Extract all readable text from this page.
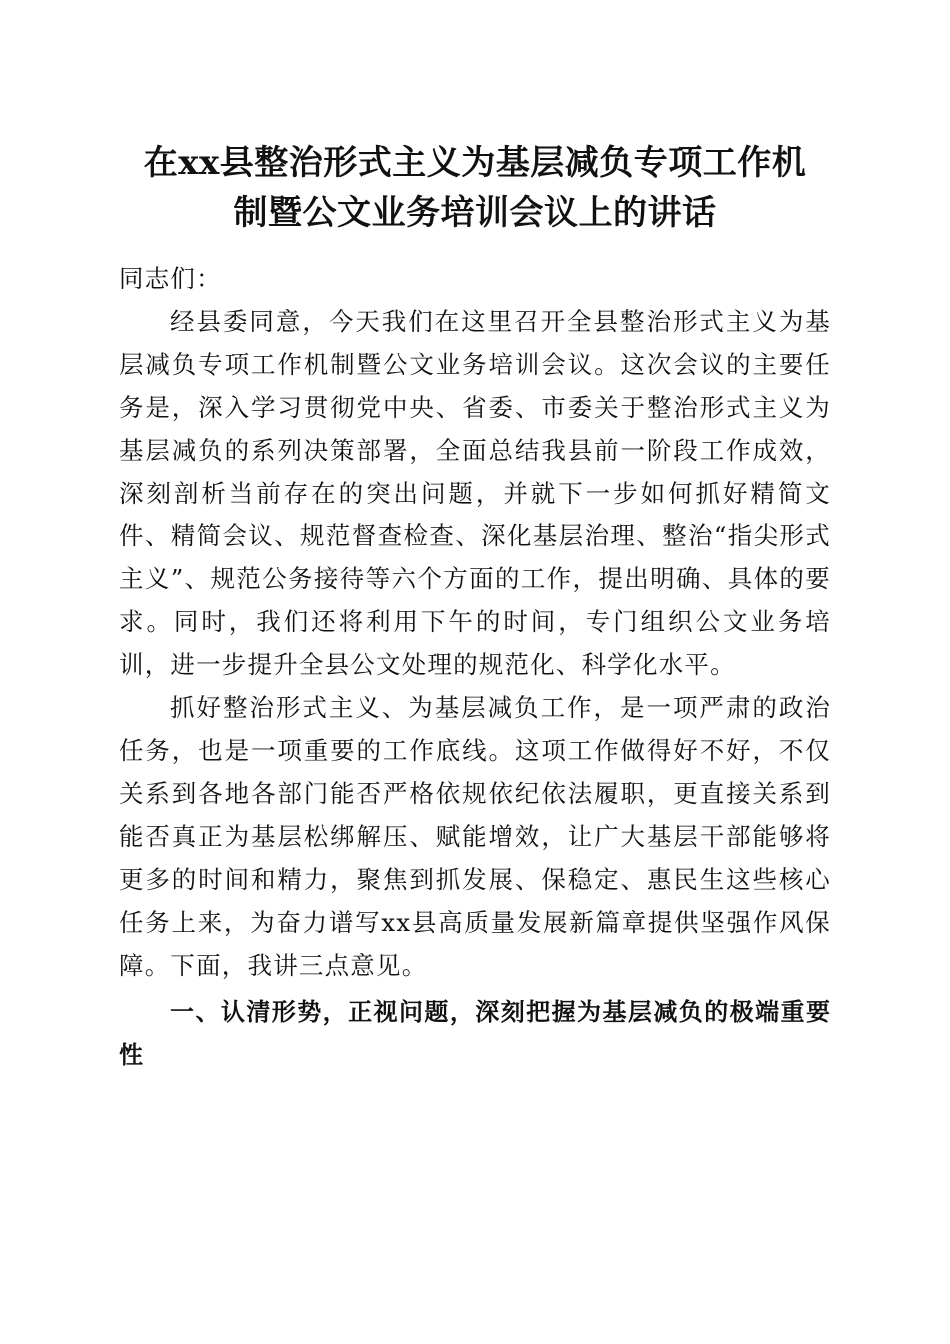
在xx县整治形式主义为基层减负专项工作机
制暨公文业务培训会议上的讲话

同志们：

经县委同意，今天我们在这里召开全县整治形式主义为基层减负专项工作机制暨公文业务培训会议。这次会议的主要任务是，深入学习贯彻党中央、省委、市委关于整治形式主义为基层减负的系列决策部署，全面总结我县前一阶段工作成效，深刻剖析当前存在的突出问题，并就下一步如何抓好精简文件、精简会议、规范督查检查、深化基层治理、整治“指尖形式主义”、规范公务接待等六个方面的工作，提出明确、具体的要求。同时，我们还将利用下午的时间，专门组织公文业务培训，进一步提升全县公文处理的规范化、科学化水平。

抓好整治形式主义、为基层减负工作，是一项严肃的政治任务，也是一项重要的工作底线。这项工作做得好不好，不仅关系到各地各部门能否严格依规依纪依法履职，更直接关系到能否真正为基层松绑解压、赋能增效，让广大基层干部能够将更多的时间和精力，聚焦到抓发展、保稳定、惠民生这些核心任务上来，为奋力谱写xx县高质量发展新篇章提供坚强作风保障。下面，我讲三点意见。

一、认清形势，正视问题，深刻把握为基层减负的极端重要性
